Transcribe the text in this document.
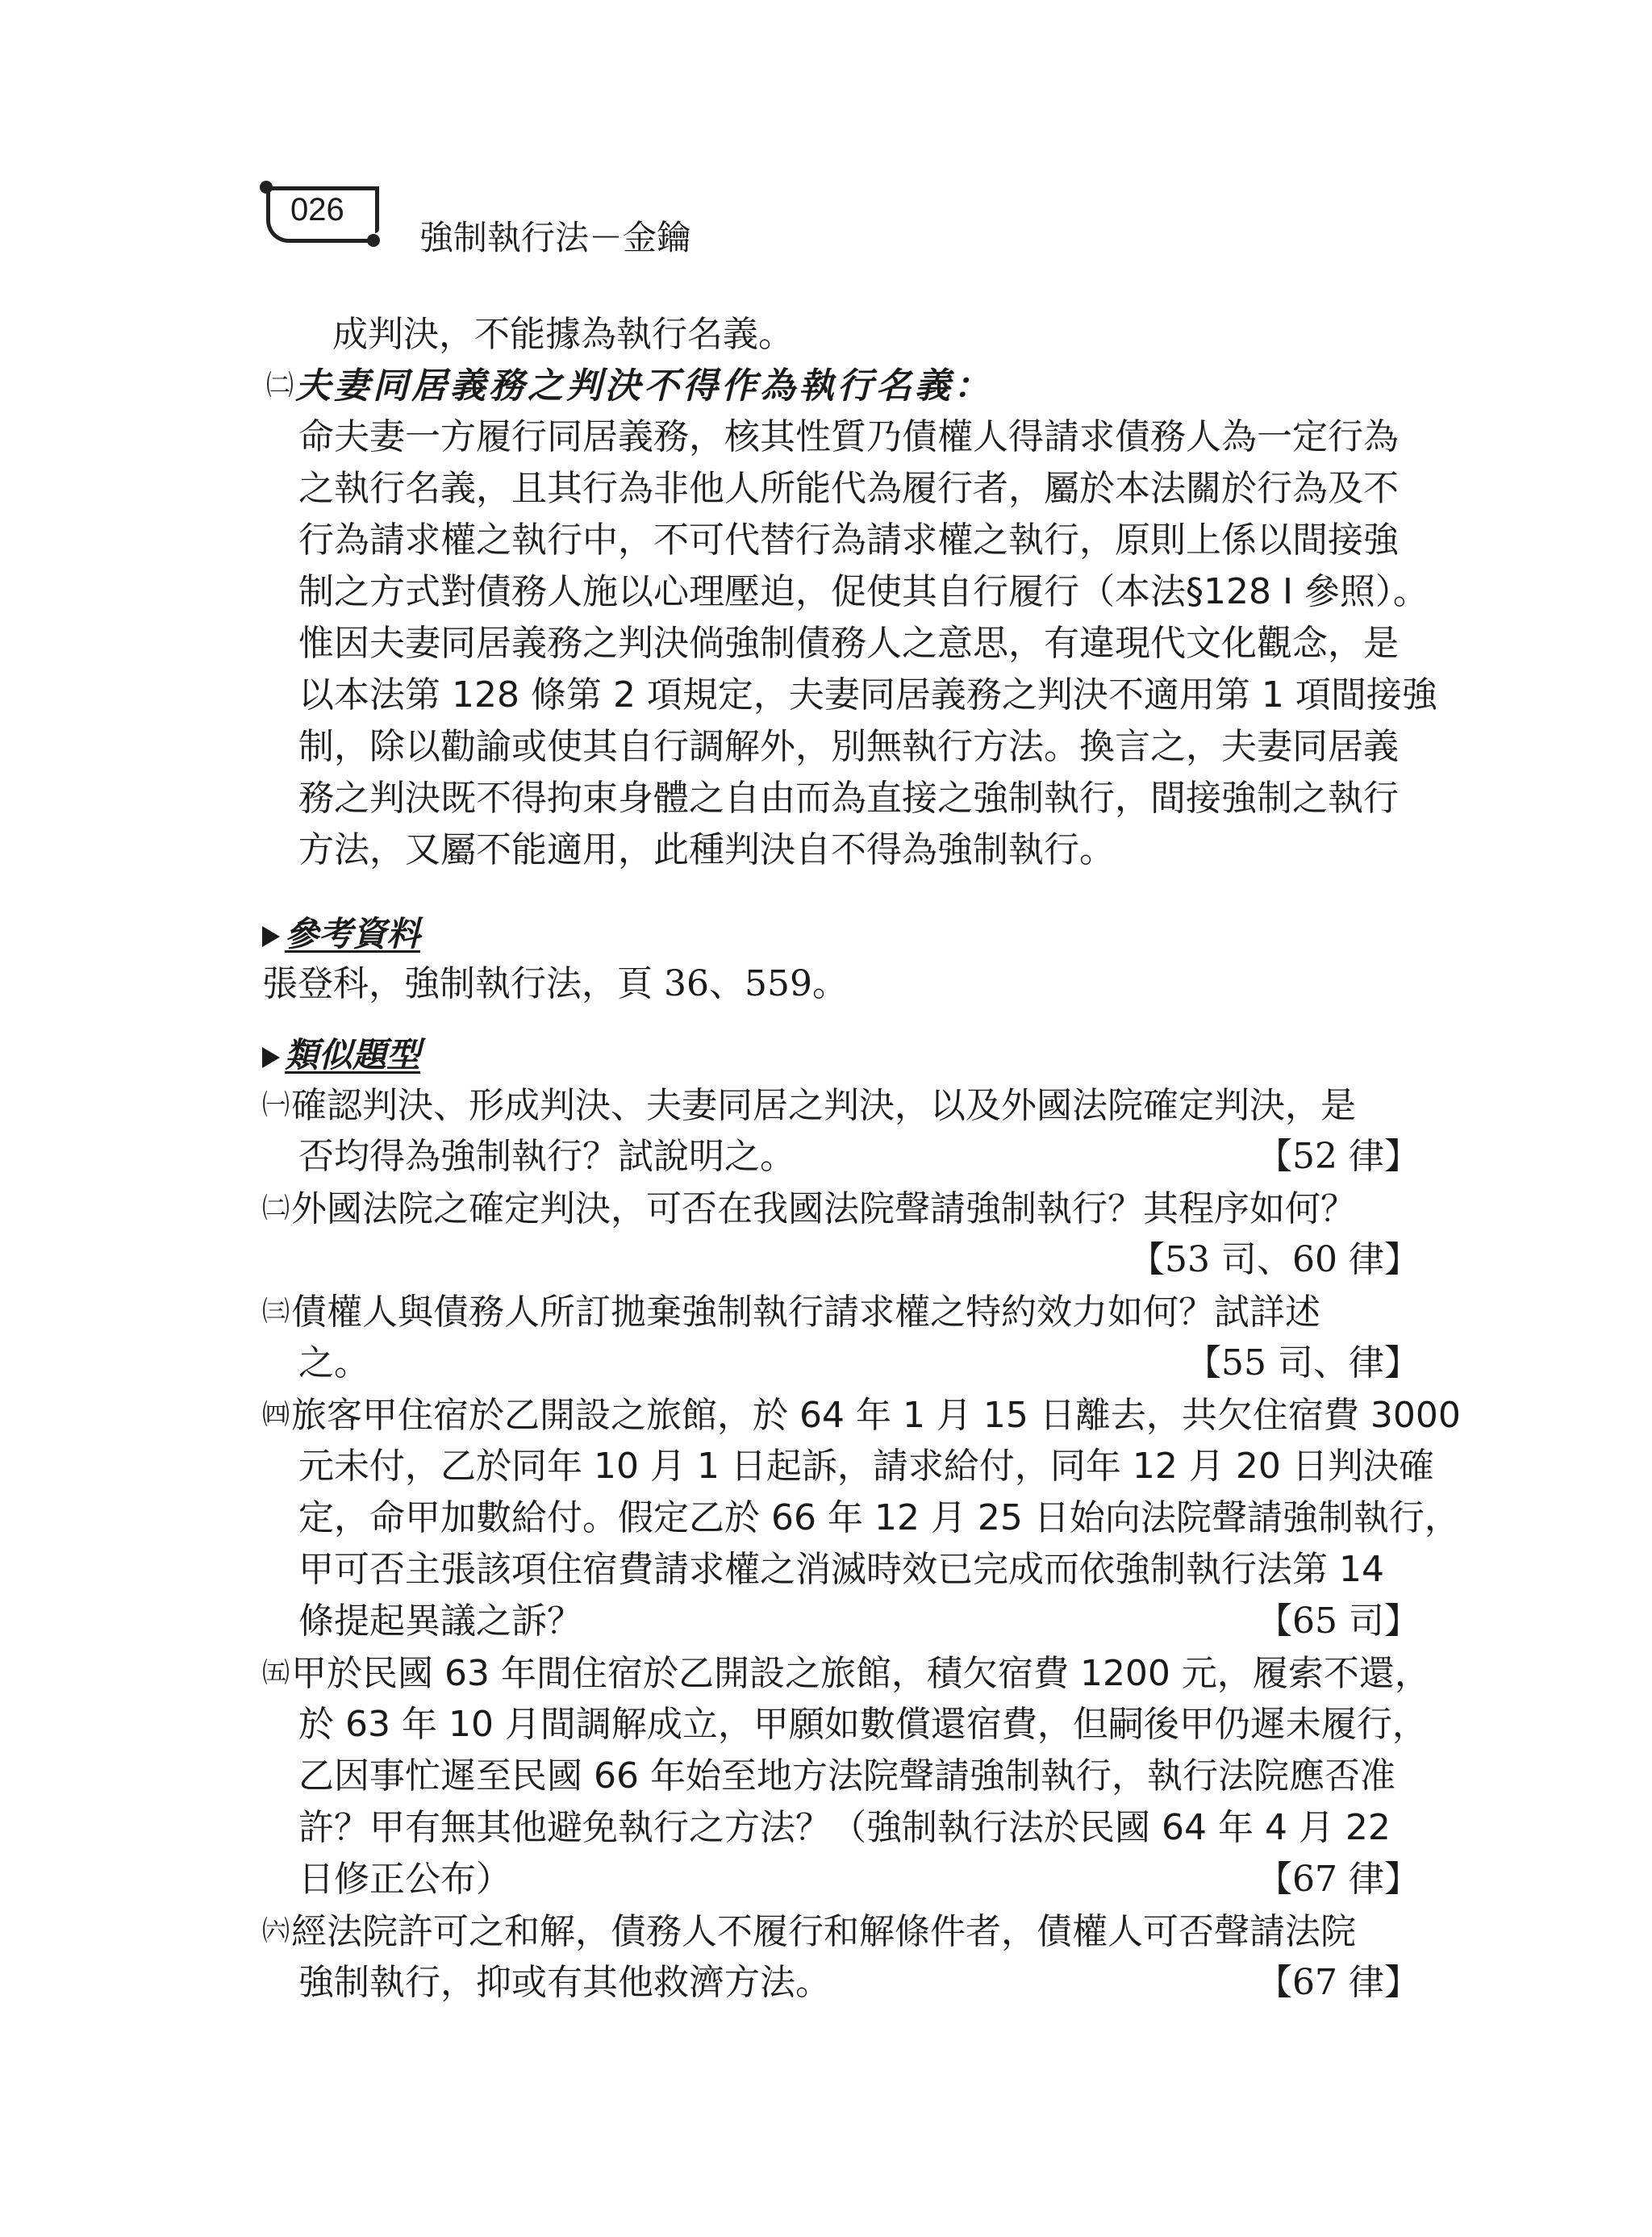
026
強制執行法－金鑰
成判決，不能據為執行名義。
㈡夫妻同居義務之判決不得作為執行名義：
命夫妻一方履行同居義務，核其性質乃債權人得請求債務人為一定行為
之執行名義，且其行為非他人所能代為履行者，屬於本法關於行為及不
行為請求權之執行中，不可代替行為請求權之執行，原則上係以間接強
制之方式對債務人施以心理壓迫，促使其自行履行（本法§128 I 參照）。
惟因夫妻同居義務之判決倘強制債務人之意思，有違現代文化觀念，是
以本法第 128 條第 2 項規定，夫妻同居義務之判決不適用第 1 項間接強
制，除以勸諭或使其自行調解外，別無執行方法。換言之，夫妻同居義
務之判決既不得拘束身體之自由而為直接之強制執行，間接強制之執行
方法，又屬不能適用，此種判決自不得為強制執行。
參考資料
張登科，強制執行法，頁 36、559。
類似題型
㈠確認判決、形成判決、夫妻同居之判決，以及外國法院確定判決，是
否均得為強制執行？試說明之。	【52 律】
㈡外國法院之確定判決，可否在我國法院聲請強制執行？其程序如何？
【53 司、60 律】
㈢債權人與債務人所訂拋棄強制執行請求權之特約效力如何？試詳述
之。	【55 司、律】
㈣旅客甲住宿於乙開設之旅館，於 64 年 1 月 15 日離去，共欠住宿費 3000
元未付，乙於同年 10 月 1 日起訴，請求給付，同年 12 月 20 日判決確
定，命甲加數給付。假定乙於 66 年 12 月 25 日始向法院聲請強制執行，
甲可否主張該項住宿費請求權之消滅時效已完成而依強制執行法第 14
條提起異議之訴？	【65 司】
㈤甲於民國 63 年間住宿於乙開設之旅館，積欠宿費 1200 元，履索不還，
於 63 年 10 月間調解成立，甲願如數償還宿費，但嗣後甲仍遲未履行，
乙因事忙遲至民國 66 年始至地方法院聲請強制執行，執行法院應否准
許？甲有無其他避免執行之方法？（強制執行法於民國 64 年 4 月 22
日修正公布）	【67 律】
㈥經法院許可之和解，債務人不履行和解條件者，債權人可否聲請法院
強制執行，抑或有其他救濟方法。	【67 律】
